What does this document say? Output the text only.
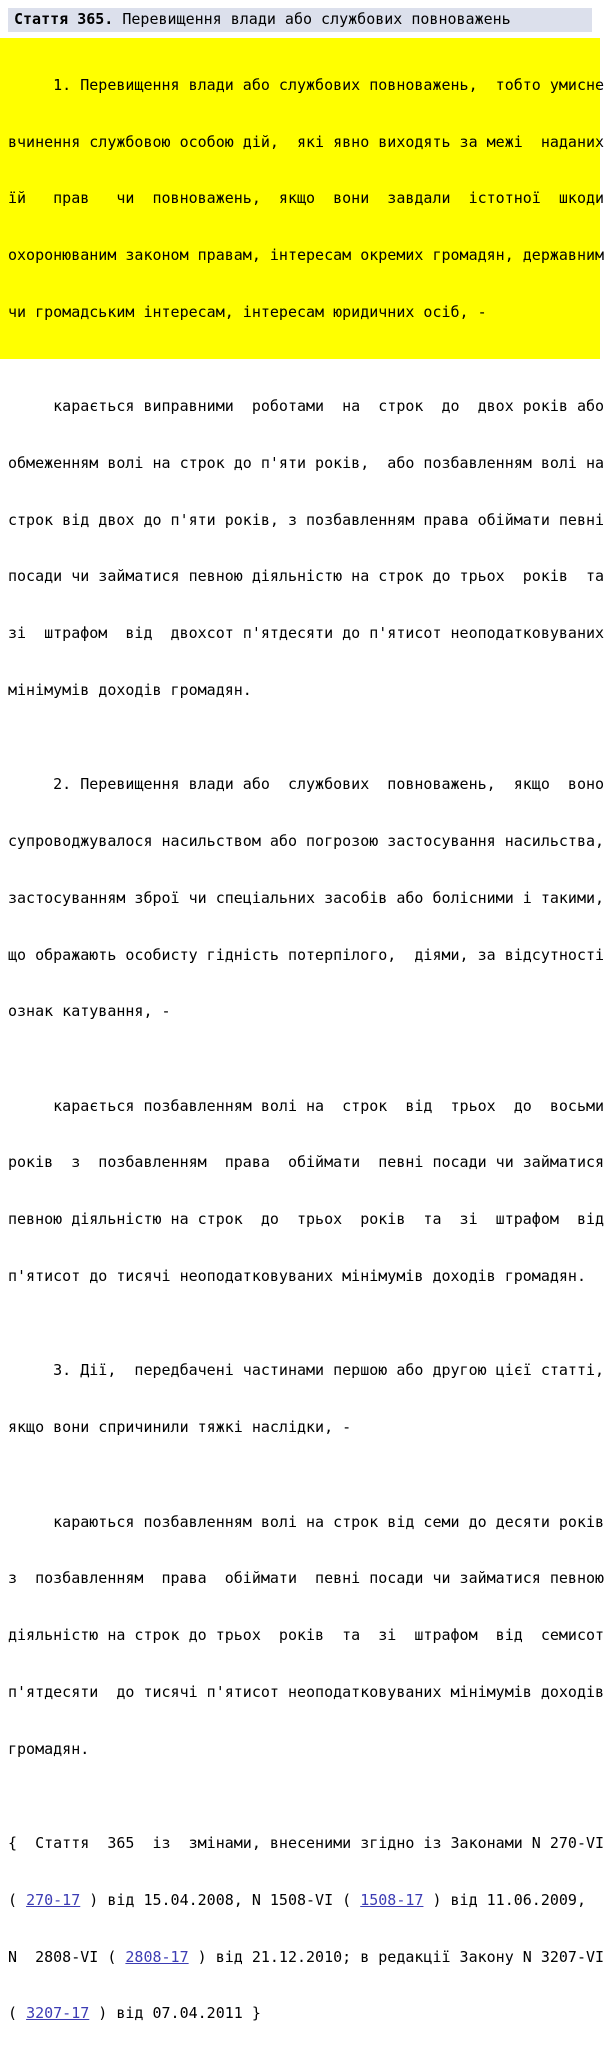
Стаття 365. Перевищення влади або службових повноважень

1. Перевищення влади або службових повноважень,  тобто умисне

вчинення службовою особою дій,  які явно виходять за межі  наданих

їй   прав   чи  повноважень,  якщо  вони  завдали  істотної  шкоди

охоронюваним законом правам, інтересам окремих громадян, державним

чи громадським інтересам, інтересам юридичних осіб, -

карається виправними  роботами  на  строк  до  двох років або

обмеженням волі на строк до п'яти років,  або позбавленням волі на

строк від двох до п'яти років, з позбавленням права обіймати певні

посади чи займатися певною діяльністю на строк до трьох  років  та

зі  штрафом  від  двохсот п'ятдесяти до п'ятисот неоподатковуваних

мінімумів доходів громадян.

2. Перевищення влади або  службових  повноважень,  якщо  воно

супроводжувалося насильством або погрозою застосування насильства,

застосуванням зброї чи спеціальних засобів або болісними і такими,

що ображають особисту гідність потерпілого,  діями, за відсутності

ознак катування, -

карається позбавленням волі на  строк  від  трьох  до  восьми

років  з  позбавленням  права  обіймати  певні посади чи займатися

певною діяльністю на строк  до  трьох  років  та  зі  штрафом  від

п'ятисот до тисячі неоподатковуваних мінімумів доходів громадян.

3. Дії,  передбачені частинами першою або другою цієї статті,

якщо вони спричинили тяжкі наслідки, -

караються позбавленням волі на строк від семи до десяти років

з  позбавленням  права  обіймати  певні посади чи займатися певною

діяльністю на строк до трьох  років  та  зі  штрафом  від  семисот

п'ятдесяти  до тисячі п'ятисот неоподатковуваних мінімумів доходів

громадян.

{  Стаття  365  із  змінами, внесеними згідно із Законами N 270-VI

( 270-17 ) від 15.04.2008, N 1508-VI ( 1508-17 ) від 11.06.2009,

N  2808-VI ( 2808-17 ) від 21.12.2010; в редакції Закону N 3207-VI

( 3207-17 ) від 07.04.2011 }
